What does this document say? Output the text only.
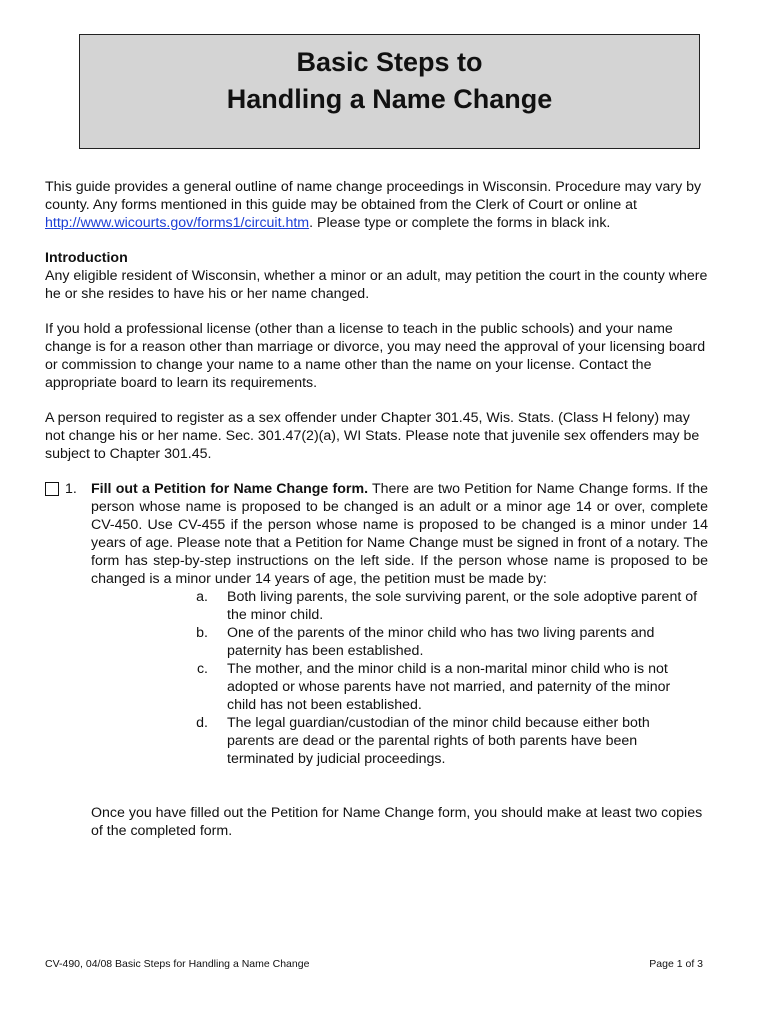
Basic Steps to
Handling a Name Change

This guide provides a general outline of name change proceedings in Wisconsin. Procedure may vary by county. Any forms mentioned in this guide may be obtained from the Clerk of Court or online at http://www.wicourts.gov/forms1/circuit.htm. Please type or complete the forms in black ink.

Introduction
Any eligible resident of Wisconsin, whether a minor or an adult, may petition the court in the county where he or she resides to have his or her name changed.

If you hold a professional license (other than a license to teach in the public schools) and your name change is for a reason other than marriage or divorce, you may need the approval of your licensing board or commission to change your name to a name other than the name on your license. Contact the appropriate board to learn its requirements.

A person required to register as a sex offender under Chapter 301.45, Wis. Stats. (Class H felony) may not change his or her name. Sec. 301.47(2)(a), WI Stats. Please note that juvenile sex offenders may be subject to Chapter 301.45.

1. Fill out a Petition for Name Change form. There are two Petition for Name Change forms. If the person whose name is proposed to be changed is an adult or a minor age 14 or over, complete CV-450. Use CV-455 if the person whose name is proposed to be changed is a minor under 14 years of age. Please note that a Petition for Name Change must be signed in front of a notary. The form has step-by-step instructions on the left side. If the person whose name is proposed to be changed is a minor under 14 years of age, the petition must be made by:
a. Both living parents, the sole surviving parent, or the sole adoptive parent of the minor child.
b. One of the parents of the minor child who has two living parents and paternity has been established.
c. The mother, and the minor child is a non-marital minor child who is not adopted or whose parents have not married, and paternity of the minor child has not been established.
d. The legal guardian/custodian of the minor child because either both parents are dead or the parental rights of both parents have been terminated by judicial proceedings.

Once you have filled out the Petition for Name Change form, you should make at least two copies of the completed form.

CV-490, 04/08 Basic Steps for Handling a Name Change	Page 1 of 3
